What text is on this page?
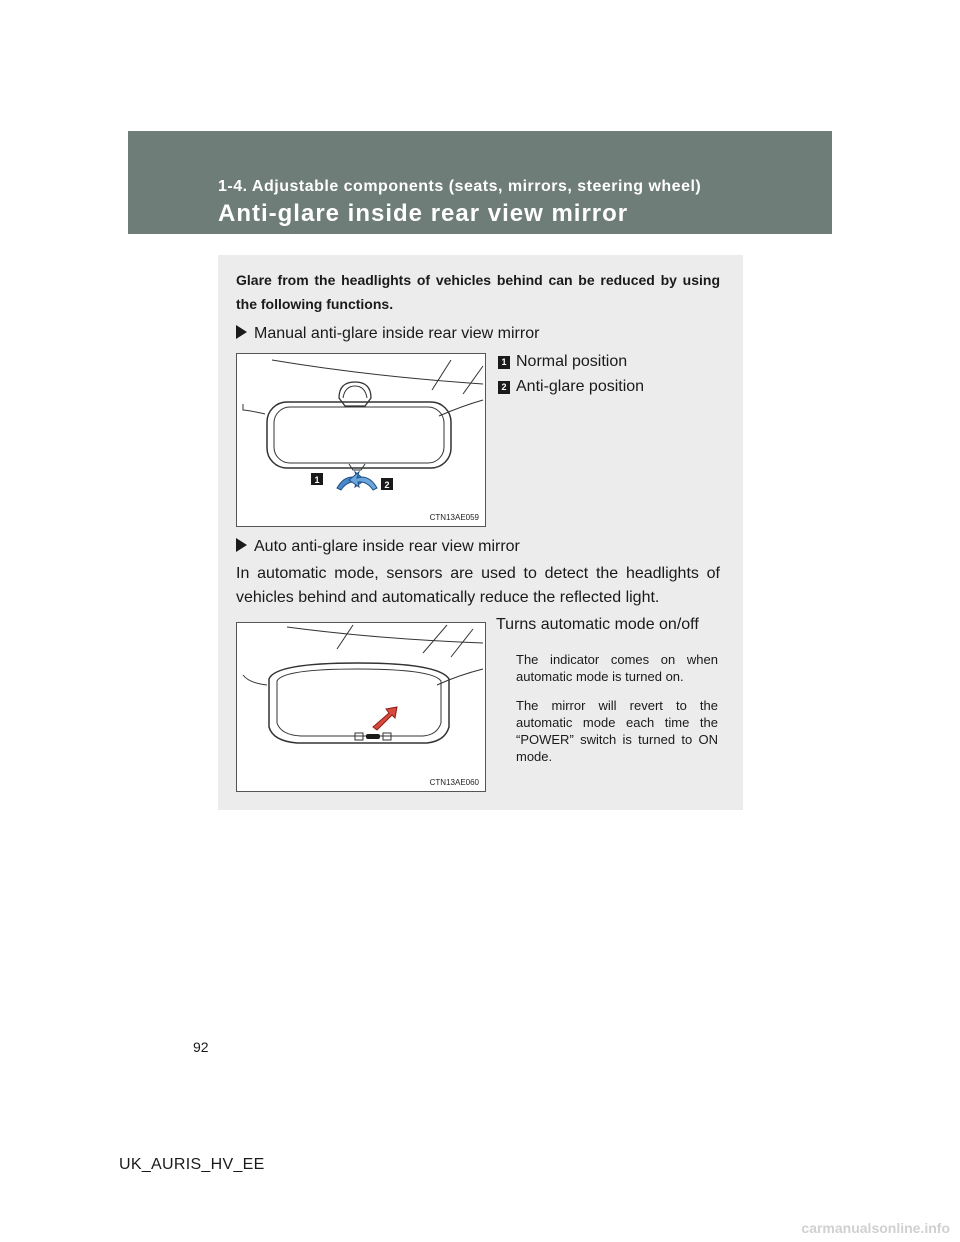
1-4. Adjustable components (seats, mirrors, steering wheel)
Anti-glare inside rear view mirror
Glare from the headlights of vehicles behind can be reduced by using the following functions.
Manual anti-glare inside rear view mirror
1	2
CTN13AE059
1 Normal position
2 Anti-glare position
Auto anti-glare inside rear view mirror
In automatic mode, sensors are used to detect the headlights of vehicles behind and automatically reduce the reflected light.
CTN13AE060
Turns automatic mode on/off
The indicator comes on when automatic mode is turned on.
The mirror will revert to the automatic mode each time the “POWER” switch is turned to ON mode.
92
UK_AURIS_HV_EE
carmanualsonline.info
